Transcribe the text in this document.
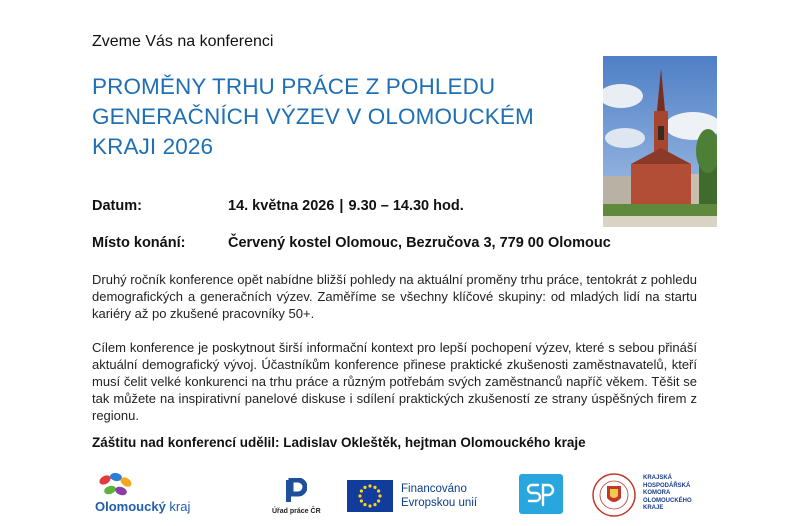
Zveme Vás na konferenci
PROMĚNY TRHU PRÁCE Z POHLEDU
GENERAČNÍCH VÝZEV V OLOMOUCKÉM
KRAJI 2026
Datum:	14. května 2026 | 9.30 – 14.30 hod.
Místo konání:	Červený kostel Olomouc, Bezručova 3, 779 00 Olomouc
Druhý ročník konference opět nabídne bližší pohledy na aktuální proměny trhu práce, tentokrát z pohledu demografických a generačních výzev. Zaměříme se všechny klíčové skupiny: od mladých lidí na startu kariéry až po zkušené pracovníky 50+.
Cílem konference je poskytnout širší informační kontext pro lepší pochopení výzev, které s sebou přináší aktuální demografický vývoj. Účastníkům konference přinese praktické zkušenosti zaměstnavatelů, kteří musí čelit velké konkurenci na trhu práce a různým potřebám svých zaměstnanců napříč věkem. Těšit se tak můžete na inspirativní panelové diskuse i sdílení praktických zkušeností ze strany úspěšných firem z regionu.
Záštitu nad konferencí udělil: Ladislav Okleštěk, hejtman Olomouckého kraje
Olomoucký kraj	Úřad práce ČR
Financováno
Evropskou unií
KRAJSKÁ
HOSPODÁŘSKÁ
KOMORA
OLOMOUCKÉHO
KRAJE
